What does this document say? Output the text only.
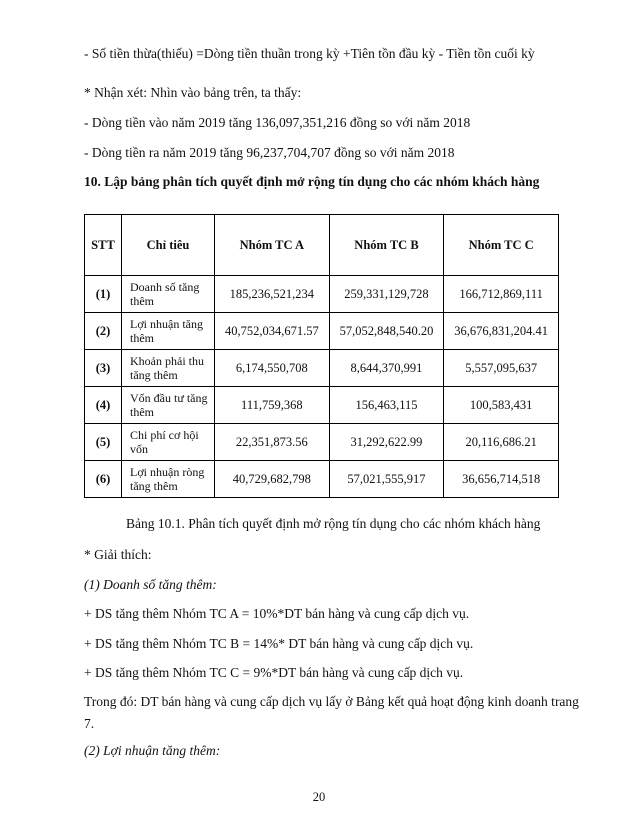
- Số tiền thừa(thiếu) =Dòng tiền thuần trong kỳ +Tiên tồn đầu kỳ - Tiền tồn cuối kỳ
* Nhận xét: Nhìn vào bảng trên, ta thấy:
- Dòng tiền vào năm 2019 tăng 136,097,351,216 đồng so với năm 2018
- Dòng tiền ra năm 2019 tăng 96,237,704,707 đồng so với năm 2018
10. Lập bảng phân tích quyết định mở rộng tín dụng cho các nhóm khách hàng
STT	Chỉ tiêu	Nhóm TC A	Nhóm TC B	Nhóm TC C
(1)	Doanh số tăng thêm	185,236,521,234	259,331,129,728	166,712,869,111
(2)	Lợi nhuận tăng thêm	40,752,034,671.57	57,052,848,540.20	36,676,831,204.41
(3)	Khoản phải thu tăng thêm	6,174,550,708	8,644,370,991	5,557,095,637
(4)	Vốn đầu tư tăng thêm	111,759,368	156,463,115	100,583,431
(5)	Chi phí cơ hội vốn	22,351,873.56	31,292,622.99	20,116,686.21
(6)	Lợi nhuận ròng tăng thêm	40,729,682,798	57,021,555,917	36,656,714,518
Bảng 10.1. Phân tích quyết định mở rộng tín dụng cho các nhóm khách hàng
* Giải thích:
(1) Doanh số tăng thêm:
+ DS tăng thêm Nhóm TC A = 10%*DT bán hàng và cung cấp dịch vụ.
+ DS tăng thêm Nhóm TC B = 14%* DT bán hàng và cung cấp dịch vụ.
+ DS tăng thêm Nhóm TC C = 9%*DT bán hàng và cung cấp dịch vụ.
Trong đó: DT bán hàng và cung cấp dịch vụ lấy ở Bảng kết quả hoạt động kinh doanh trang
7.
(2) Lợi nhuận tăng thêm:
20
